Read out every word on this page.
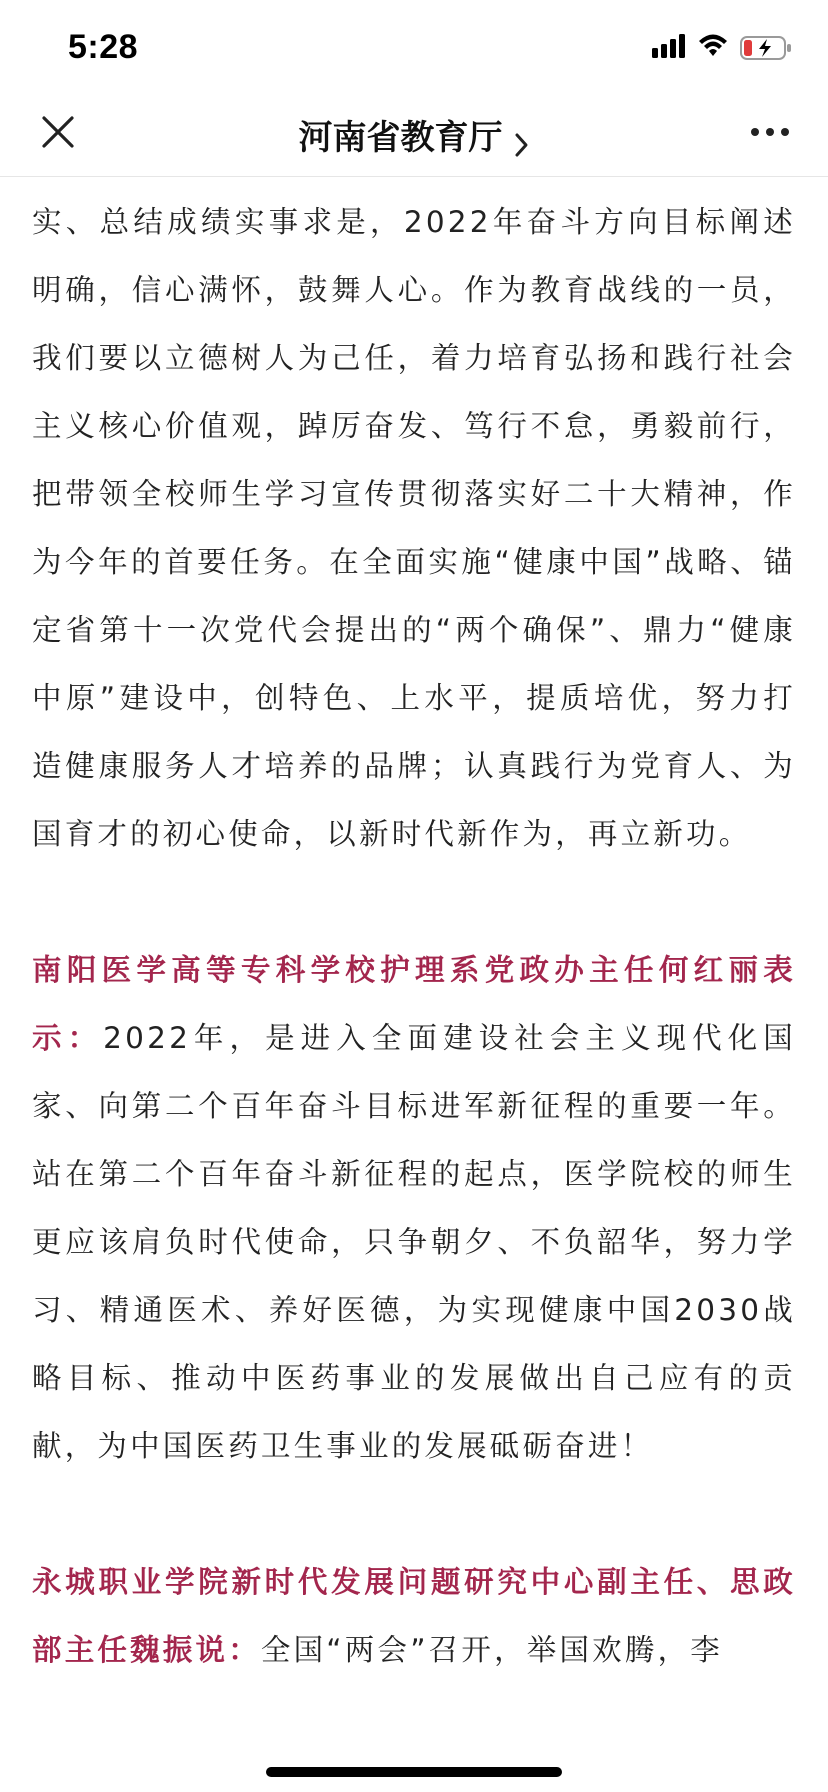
5:28
河南省教育厅

实、总结成绩实事求是，2022年奋斗方向目标阐述明确，信心满怀，鼓舞人心。作为教育战线的一员，我们要以立德树人为己任，着力培育弘扬和践行社会主义核心价值观，踔厉奋发、笃行不怠，勇毅前行，把带领全校师生学习宣传贯彻落实好二十大精神，作为今年的首要任务。在全面实施“健康中国”战略、锚定省第十一次党代会提出的“两个确保”、鼎力“健康中原”建设中，创特色、上水平，提质培优，努力打造健康服务人才培养的品牌；认真践行为党育人、为国育才的初心使命，以新时代新作为，再立新功。

南阳医学高等专科学校护理系党政办主任何红丽表示：2022年，是进入全面建设社会主义现代化国家、向第二个百年奋斗目标进军新征程的重要一年。 站在第二个百年奋斗新征程的起点，医学院校的师生更应该肩负时代使命，只争朝夕、不负韶华，努力学习、精通医术、养好医德，为实现健康中国2030战略目标、推动中医药事业的发展做出自己应有的贡献，为中国医药卫生事业的发展砥砺奋进！

永城职业学院新时代发展问题研究中心副主任、思政部主任魏振说：全国“两会”召开，举国欢腾，李
